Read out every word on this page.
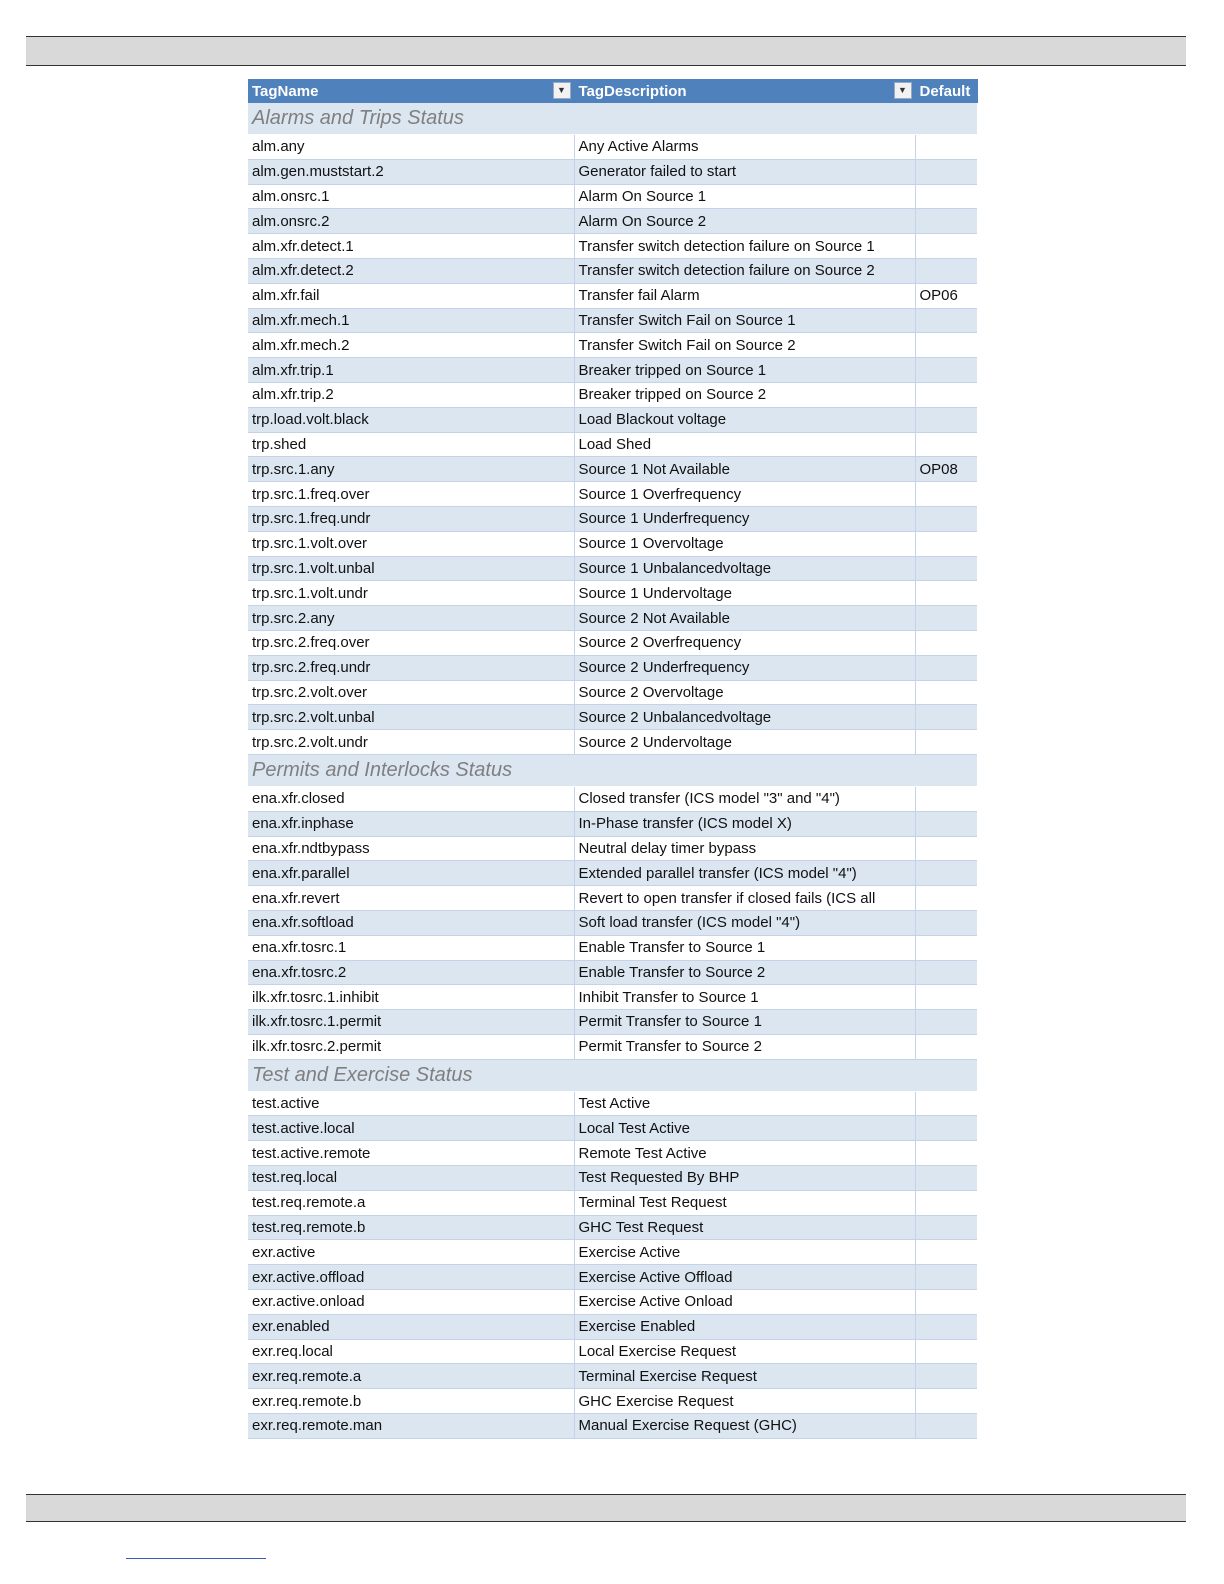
TagName ▼	TagDescription ▼	Default
Alarms and Trips Status		
alm.any	Any Active Alarms	
alm.gen.muststart.2	Generator failed to start	
alm.onsrc.1	Alarm On Source 1	
alm.onsrc.2	Alarm On Source 2	
alm.xfr.detect.1	Transfer switch detection failure on Source 1	
alm.xfr.detect.2	Transfer switch detection failure on Source 2	
alm.xfr.fail	Transfer fail Alarm	OP06
alm.xfr.mech.1	Transfer Switch Fail on Source 1	
alm.xfr.mech.2	Transfer Switch Fail on Source 2	
alm.xfr.trip.1	Breaker tripped on Source 1	
alm.xfr.trip.2	Breaker tripped on Source 2	
trp.load.volt.black	Load Blackout voltage	
trp.shed	Load Shed	
trp.src.1.any	Source 1 Not Available	OP08
trp.src.1.freq.over	Source 1 Overfrequency	
trp.src.1.freq.undr	Source 1 Underfrequency	
trp.src.1.volt.over	Source 1 Overvoltage	
trp.src.1.volt.unbal	Source 1 Unbalancedvoltage	
trp.src.1.volt.undr	Source 1 Undervoltage	
trp.src.2.any	Source 2 Not Available	
trp.src.2.freq.over	Source 2 Overfrequency	
trp.src.2.freq.undr	Source 2 Underfrequency	
trp.src.2.volt.over	Source 2 Overvoltage	
trp.src.2.volt.unbal	Source 2 Unbalancedvoltage	
trp.src.2.volt.undr	Source 2 Undervoltage	
Permits and Interlocks Status		
ena.xfr.closed	Closed transfer (ICS model "3" and "4")	
ena.xfr.inphase	In-Phase transfer (ICS model X)	
ena.xfr.ndtbypass	Neutral delay timer bypass	
ena.xfr.parallel	Extended parallel transfer (ICS model "4")	
ena.xfr.revert	Revert to open transfer if closed fails (ICS all	
ena.xfr.softload	Soft load transfer (ICS model "4")	
ena.xfr.tosrc.1	Enable Transfer to Source 1	
ena.xfr.tosrc.2	Enable Transfer to Source 2	
ilk.xfr.tosrc.1.inhibit	Inhibit Transfer to Source 1	
ilk.xfr.tosrc.1.permit	Permit Transfer to Source 1	
ilk.xfr.tosrc.2.permit	Permit Transfer to Source 2	
Test and Exercise Status		
test.active	Test Active	
test.active.local	Local Test Active	
test.active.remote	Remote Test Active	
test.req.local	Test Requested By BHP	
test.req.remote.a	Terminal Test Request	
test.req.remote.b	GHC Test Request	
exr.active	Exercise Active	
exr.active.offload	Exercise Active Offload	
exr.active.onload	Exercise Active Onload	
exr.enabled	Exercise Enabled	
exr.req.local	Local Exercise Request	
exr.req.remote.a	Terminal Exercise Request	
exr.req.remote.b	GHC Exercise Request	
exr.req.remote.man	Manual Exercise Request (GHC)	
